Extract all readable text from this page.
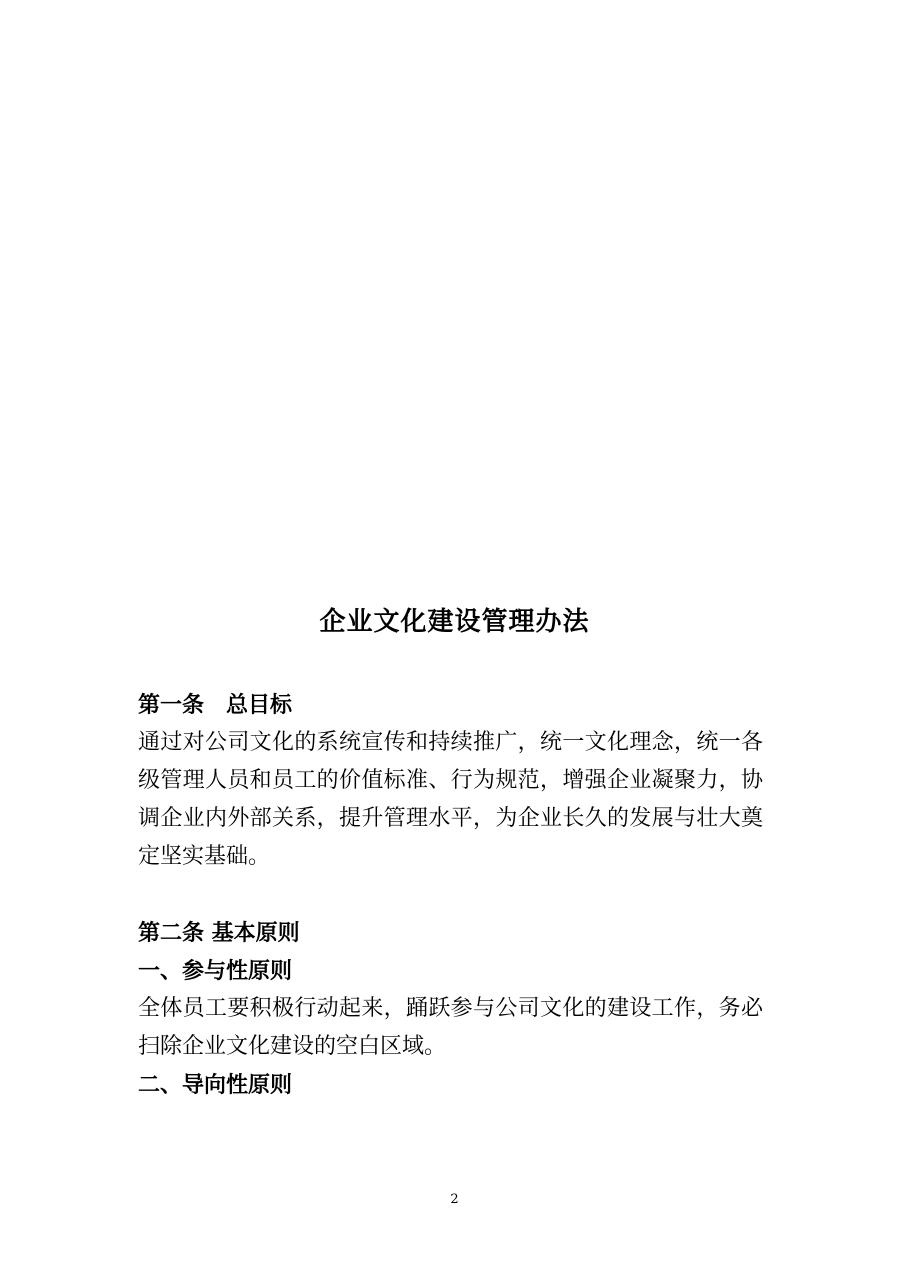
企业文化建设管理办法

第一条　总目标

通过对公司文化的系统宣传和持续推广，统一文化理念，统一各级管理人员和员工的价值标准、行为规范，增强企业凝聚力，协调企业内外部关系，提升管理水平，为企业长久的发展与壮大奠定坚实基础。

第二条 基本原则

一、参与性原则

全体员工要积极行动起来，踊跃参与公司文化的建设工作，务必扫除企业文化建设的空白区域。

二、导向性原则

2
